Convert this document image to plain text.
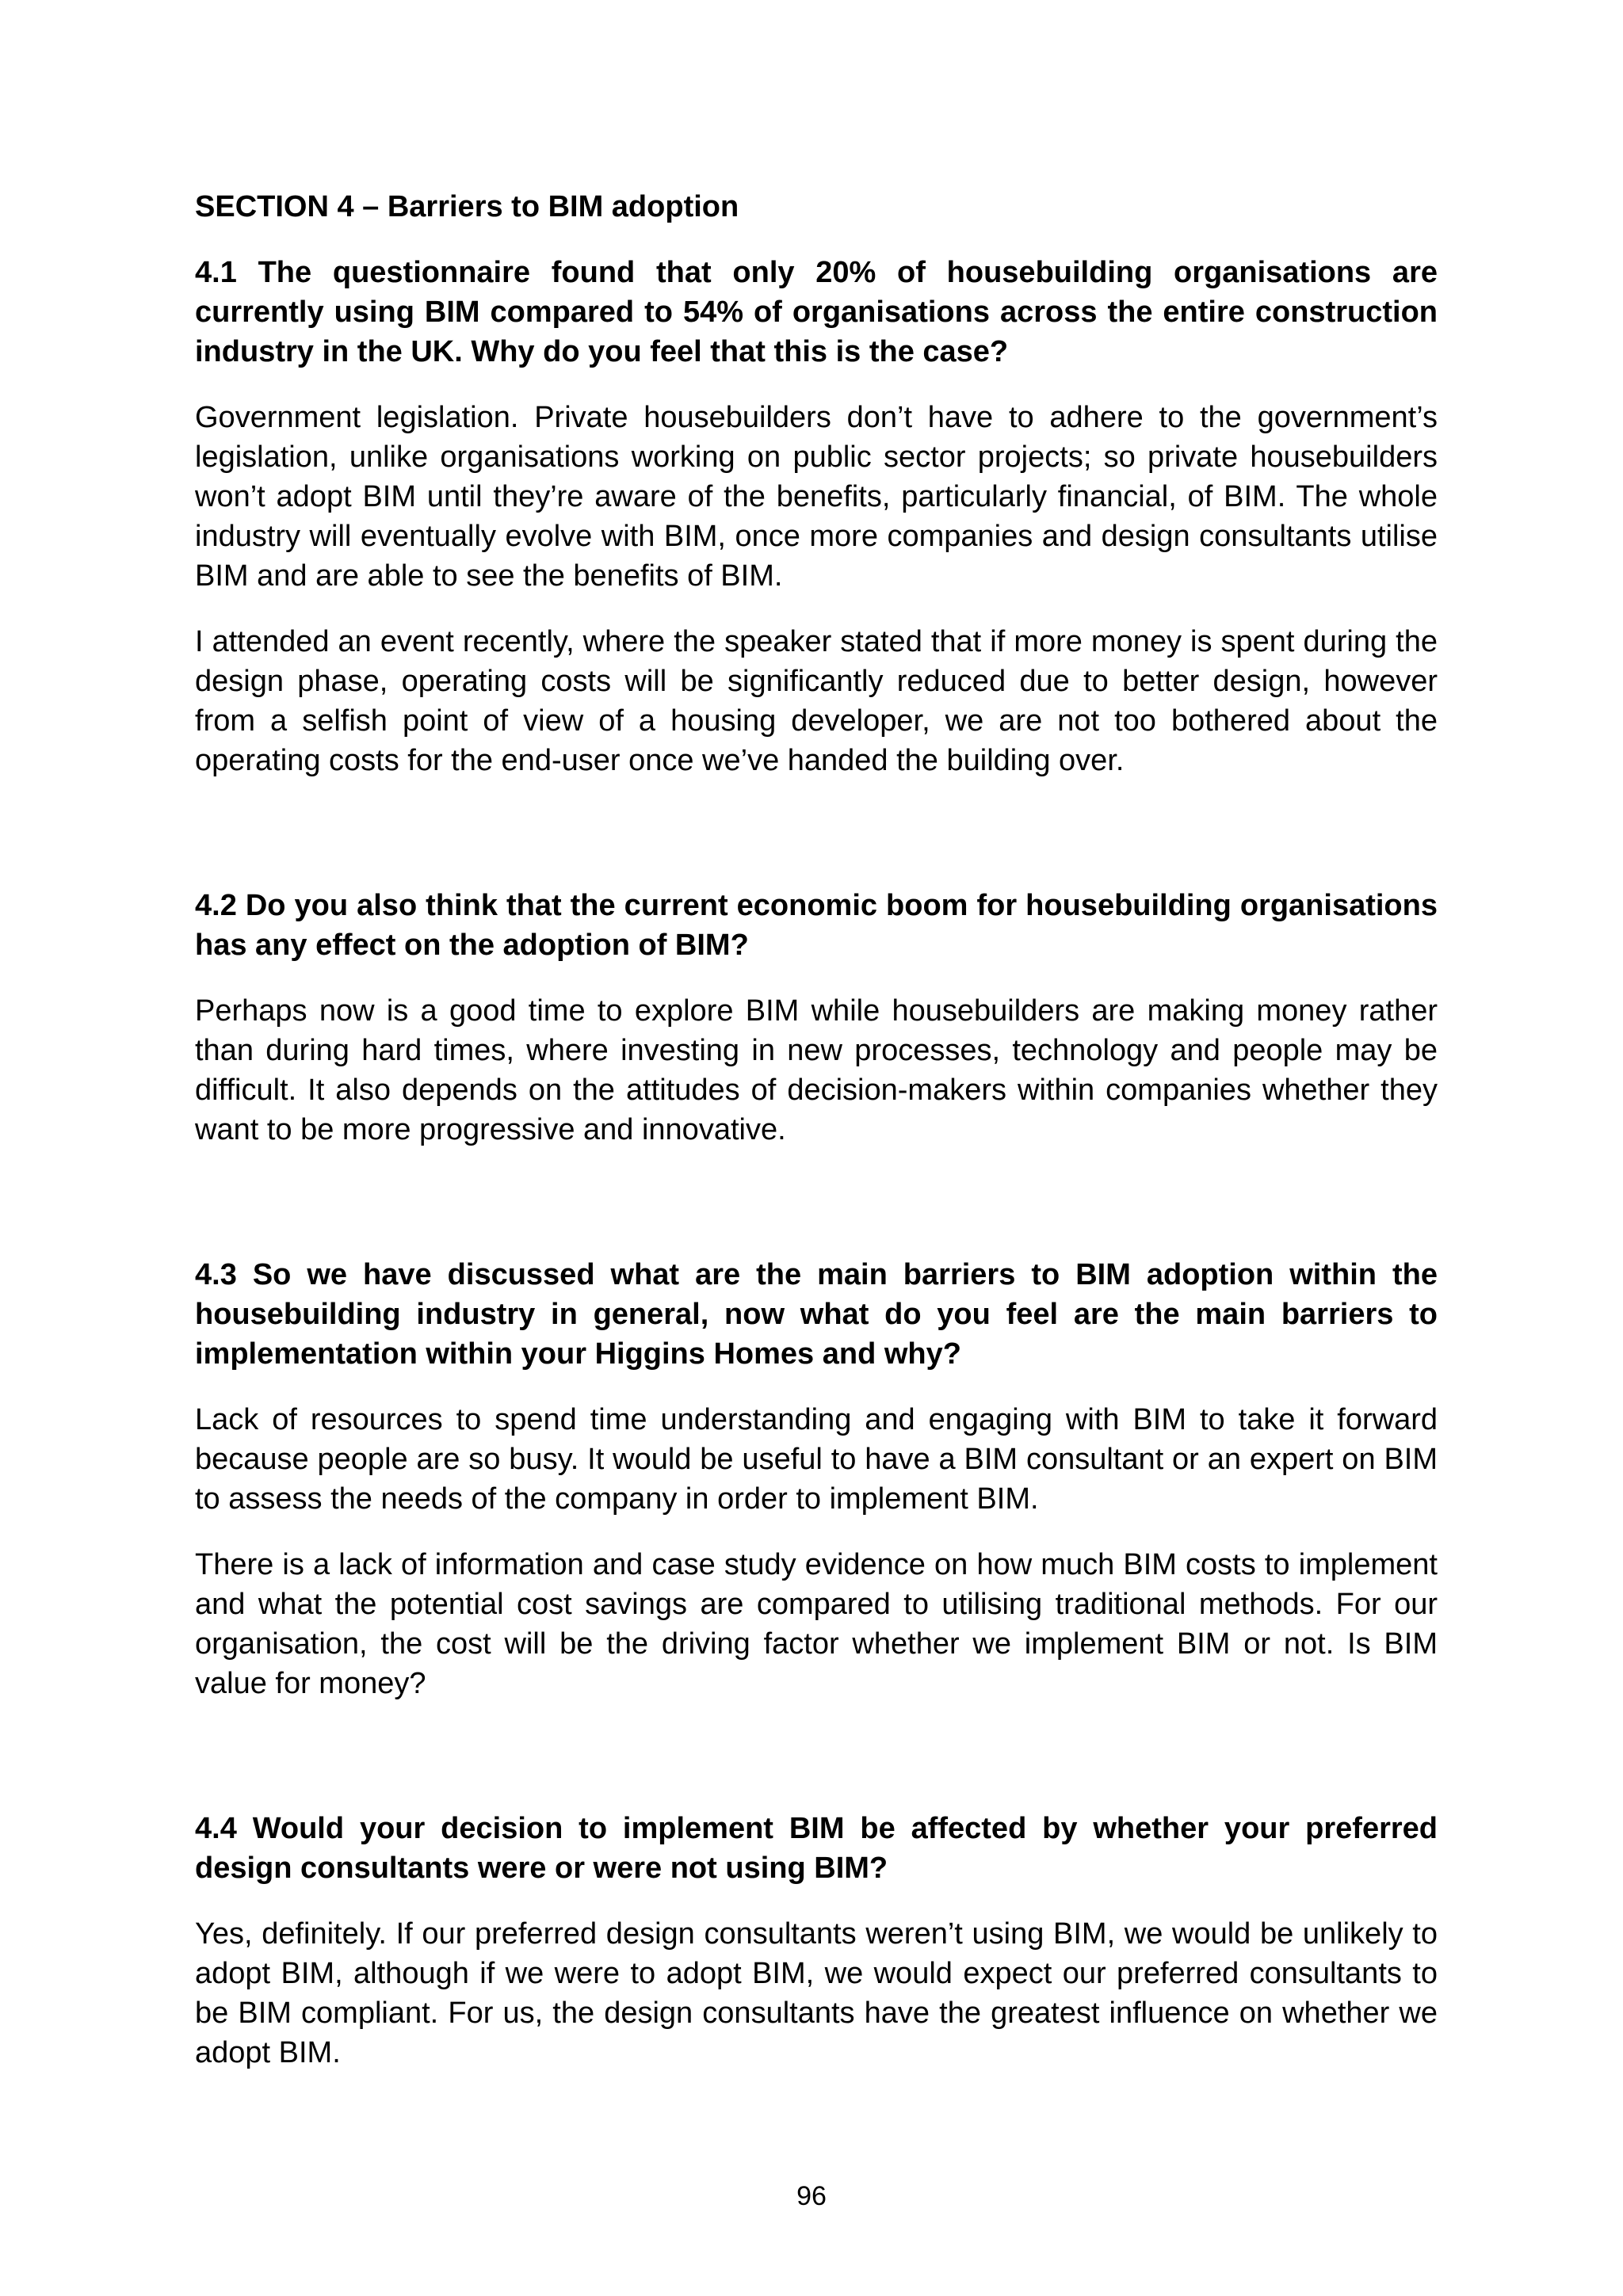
SECTION 4 – Barriers to BIM adoption

4.1 The questionnaire found that only 20% of housebuilding organisations are currently using BIM compared to 54% of organisations across the entire construction industry in the UK. Why do you feel that this is the case?

Government legislation. Private housebuilders don’t have to adhere to the government’s legislation, unlike organisations working on public sector projects; so private housebuilders won’t adopt BIM until they’re aware of the benefits, particularly financial, of BIM. The whole industry will eventually evolve with BIM, once more companies and design consultants utilise BIM and are able to see the benefits of BIM.

I attended an event recently, where the speaker stated that if more money is spent during the design phase, operating costs will be significantly reduced due to better design, however from a selfish point of view of a housing developer, we are not too bothered about the operating costs for the end-user once we’ve handed the building over.

4.2 Do you also think that the current economic boom for housebuilding organisations has any effect on the adoption of BIM?

Perhaps now is a good time to explore BIM while housebuilders are making money rather than during hard times, where investing in new processes, technology and people may be difficult. It also depends on the attitudes of decision-makers within companies whether they want to be more progressive and innovative.

4.3 So we have discussed what are the main barriers to BIM adoption within the housebuilding industry in general, now what do you feel are the main barriers to implementation within your Higgins Homes and why?

Lack of resources to spend time understanding and engaging with BIM to take it forward because people are so busy. It would be useful to have a BIM consultant or an expert on BIM to assess the needs of the company in order to implement BIM.

There is a lack of information and case study evidence on how much BIM costs to implement and what the potential cost savings are compared to utilising traditional methods. For our organisation, the cost will be the driving factor whether we implement BIM or not. Is BIM value for money?

4.4 Would your decision to implement BIM be affected by whether your preferred design consultants were or were not using BIM?

Yes, definitely. If our preferred design consultants weren’t using BIM, we would be unlikely to adopt BIM, although if we were to adopt BIM, we would expect our preferred consultants to be BIM compliant. For us, the design consultants have the greatest influence on whether we adopt BIM.

96
